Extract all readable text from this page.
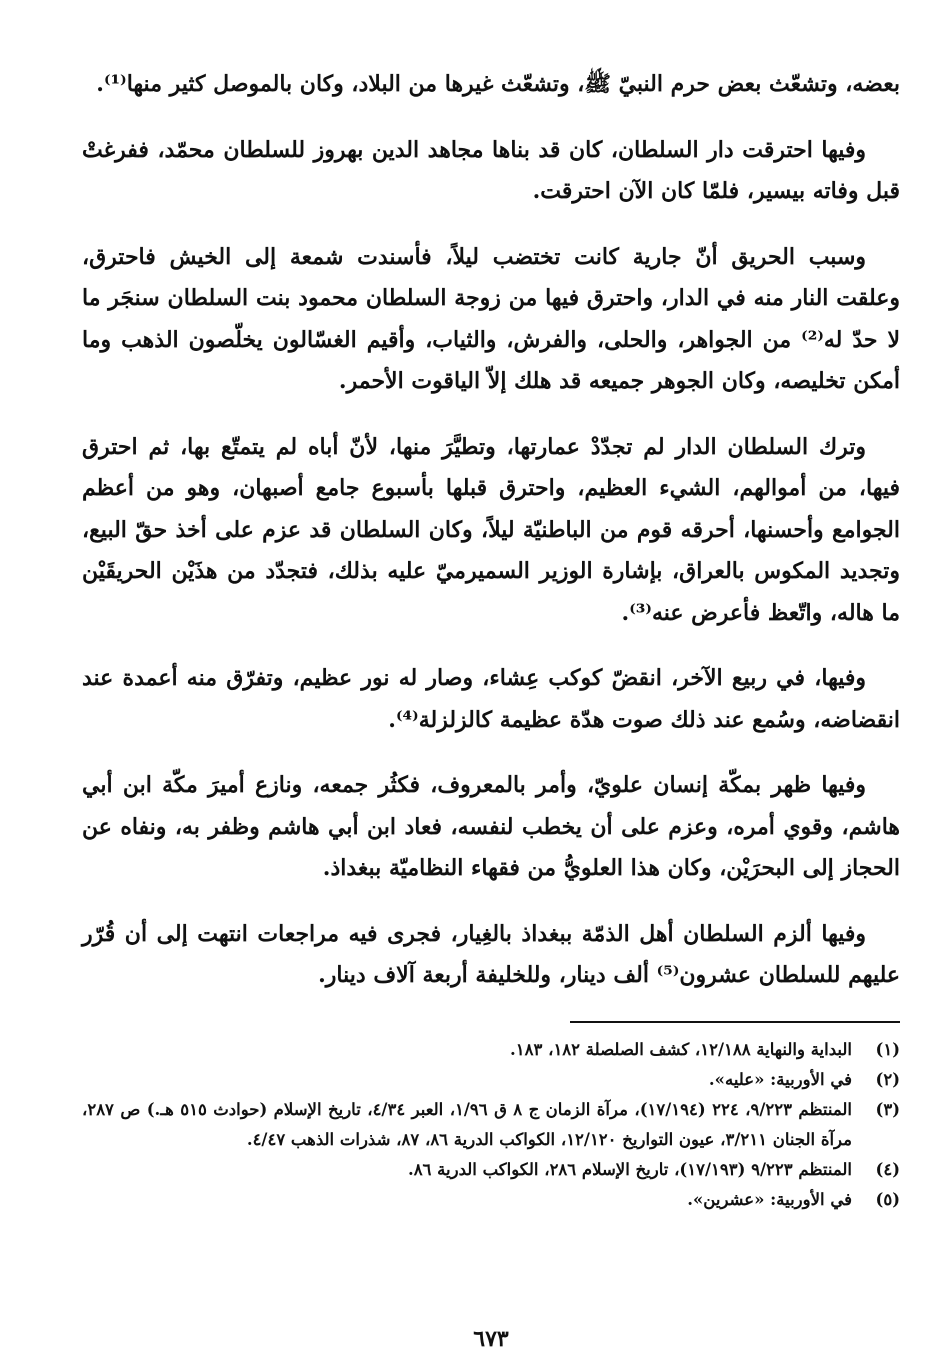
بعضه، وتشعّث بعض حرم النبيّ ﷺ، وتشعّث غيرها من البلاد، وكان بالموصل كثير منها⁽¹⁾.

وفيها احترقت دار السلطان، كان قد بناها مجاهد الدين بهروز للسلطان محمّد، ففرغتْ قبل وفاته بيسير، فلمّا كان الآن احترقت.

وسبب الحريق أنّ جارية كانت تختضب ليلاً، فأسندت شمعة إلى الخيش فاحترق، وعلقت النار منه في الدار، واحترق فيها من زوجة السلطان محمود بنت السلطان سنجَر ما لا حدّ له⁽²⁾ من الجواهر، والحلى، والفرش، والثياب، وأقيم الغسّالون يخلّصون الذهب وما أمكن تخليصه، وكان الجوهر جميعه قد هلك إلاّ الياقوت الأحمر.

وترك السلطان الدار لم تجدّدْ عمارتها، وتطيَّرَ منها، لأنّ أباه لم يتمتّع بها، ثم احترق فيها، من أموالهم، الشيء العظيم، واحترق قبلها بأسبوع جامع أصبهان، وهو من أعظم الجوامع وأحسنها، أحرقه قوم من الباطنيّة ليلاً، وكان السلطان قد عزم على أخذ حقّ البيع، وتجديد المكوس بالعراق، بإشارة الوزير السميرميّ عليه بذلك، فتجدّد من هذَيْن الحريقَيْن ما هاله، واتّعظ فأعرض عنه⁽³⁾.

وفيها، في ربيع الآخر، انقضّ كوكب عِشاء، وصار له نور عظيم، وتفرّق منه أعمدة عند انقضاضه، وسُمع عند ذلك صوت هدّة عظيمة كالزلزلة⁽⁴⁾.

وفيها ظهر بمكّة إنسان علويّ، وأمر بالمعروف، فكثُر جمعه، ونازع أميرَ مكّة ابن أبي هاشم، وقوي أمره، وعزم على أن يخطب لنفسه، فعاد ابن أبي هاشم وظفر به، ونفاه عن الحجاز إلى البحرَيْن، وكان هذا العلويُّ من فقهاء النظاميّة ببغداذ.

وفيها ألزم السلطان أهل الذمّة ببغداذ بالغِيار، فجرى فيه مراجعات انتهت إلى أن قُرّر عليهم للسلطان عشرون⁽⁵⁾ ألف دينار، وللخليفة أربعة آلاف دينار.

(١)
البداية والنهاية ١٢/١٨٨، كشف الصلصلة ١٨٢، ١٨٣.
(٢)
في الأوربية: «عليه».
(٣)
المنتظم ٩/٢٢٣، ٢٢٤ (١٧/١٩٤)، مرآة الزمان ج ٨ ق ١/٩٦، العبر ٤/٣٤، تاريخ الإسلام (حوادث ٥١٥ هـ.) ص ٢٨٧، مرآة الجنان ٣/٢١١، عيون التواريخ ١٢/١٢٠، الكواكب الدرية ٨٦، ٨٧، شذرات الذهب ٤/٤٧.
(٤)
المنتظم ٩/٢٢٣ (١٧/١٩٣)، تاريخ الإسلام ٢٨٦، الكواكب الدرية ٨٦.
(٥)
في الأوربية: «عشرين».
٦٧٣
